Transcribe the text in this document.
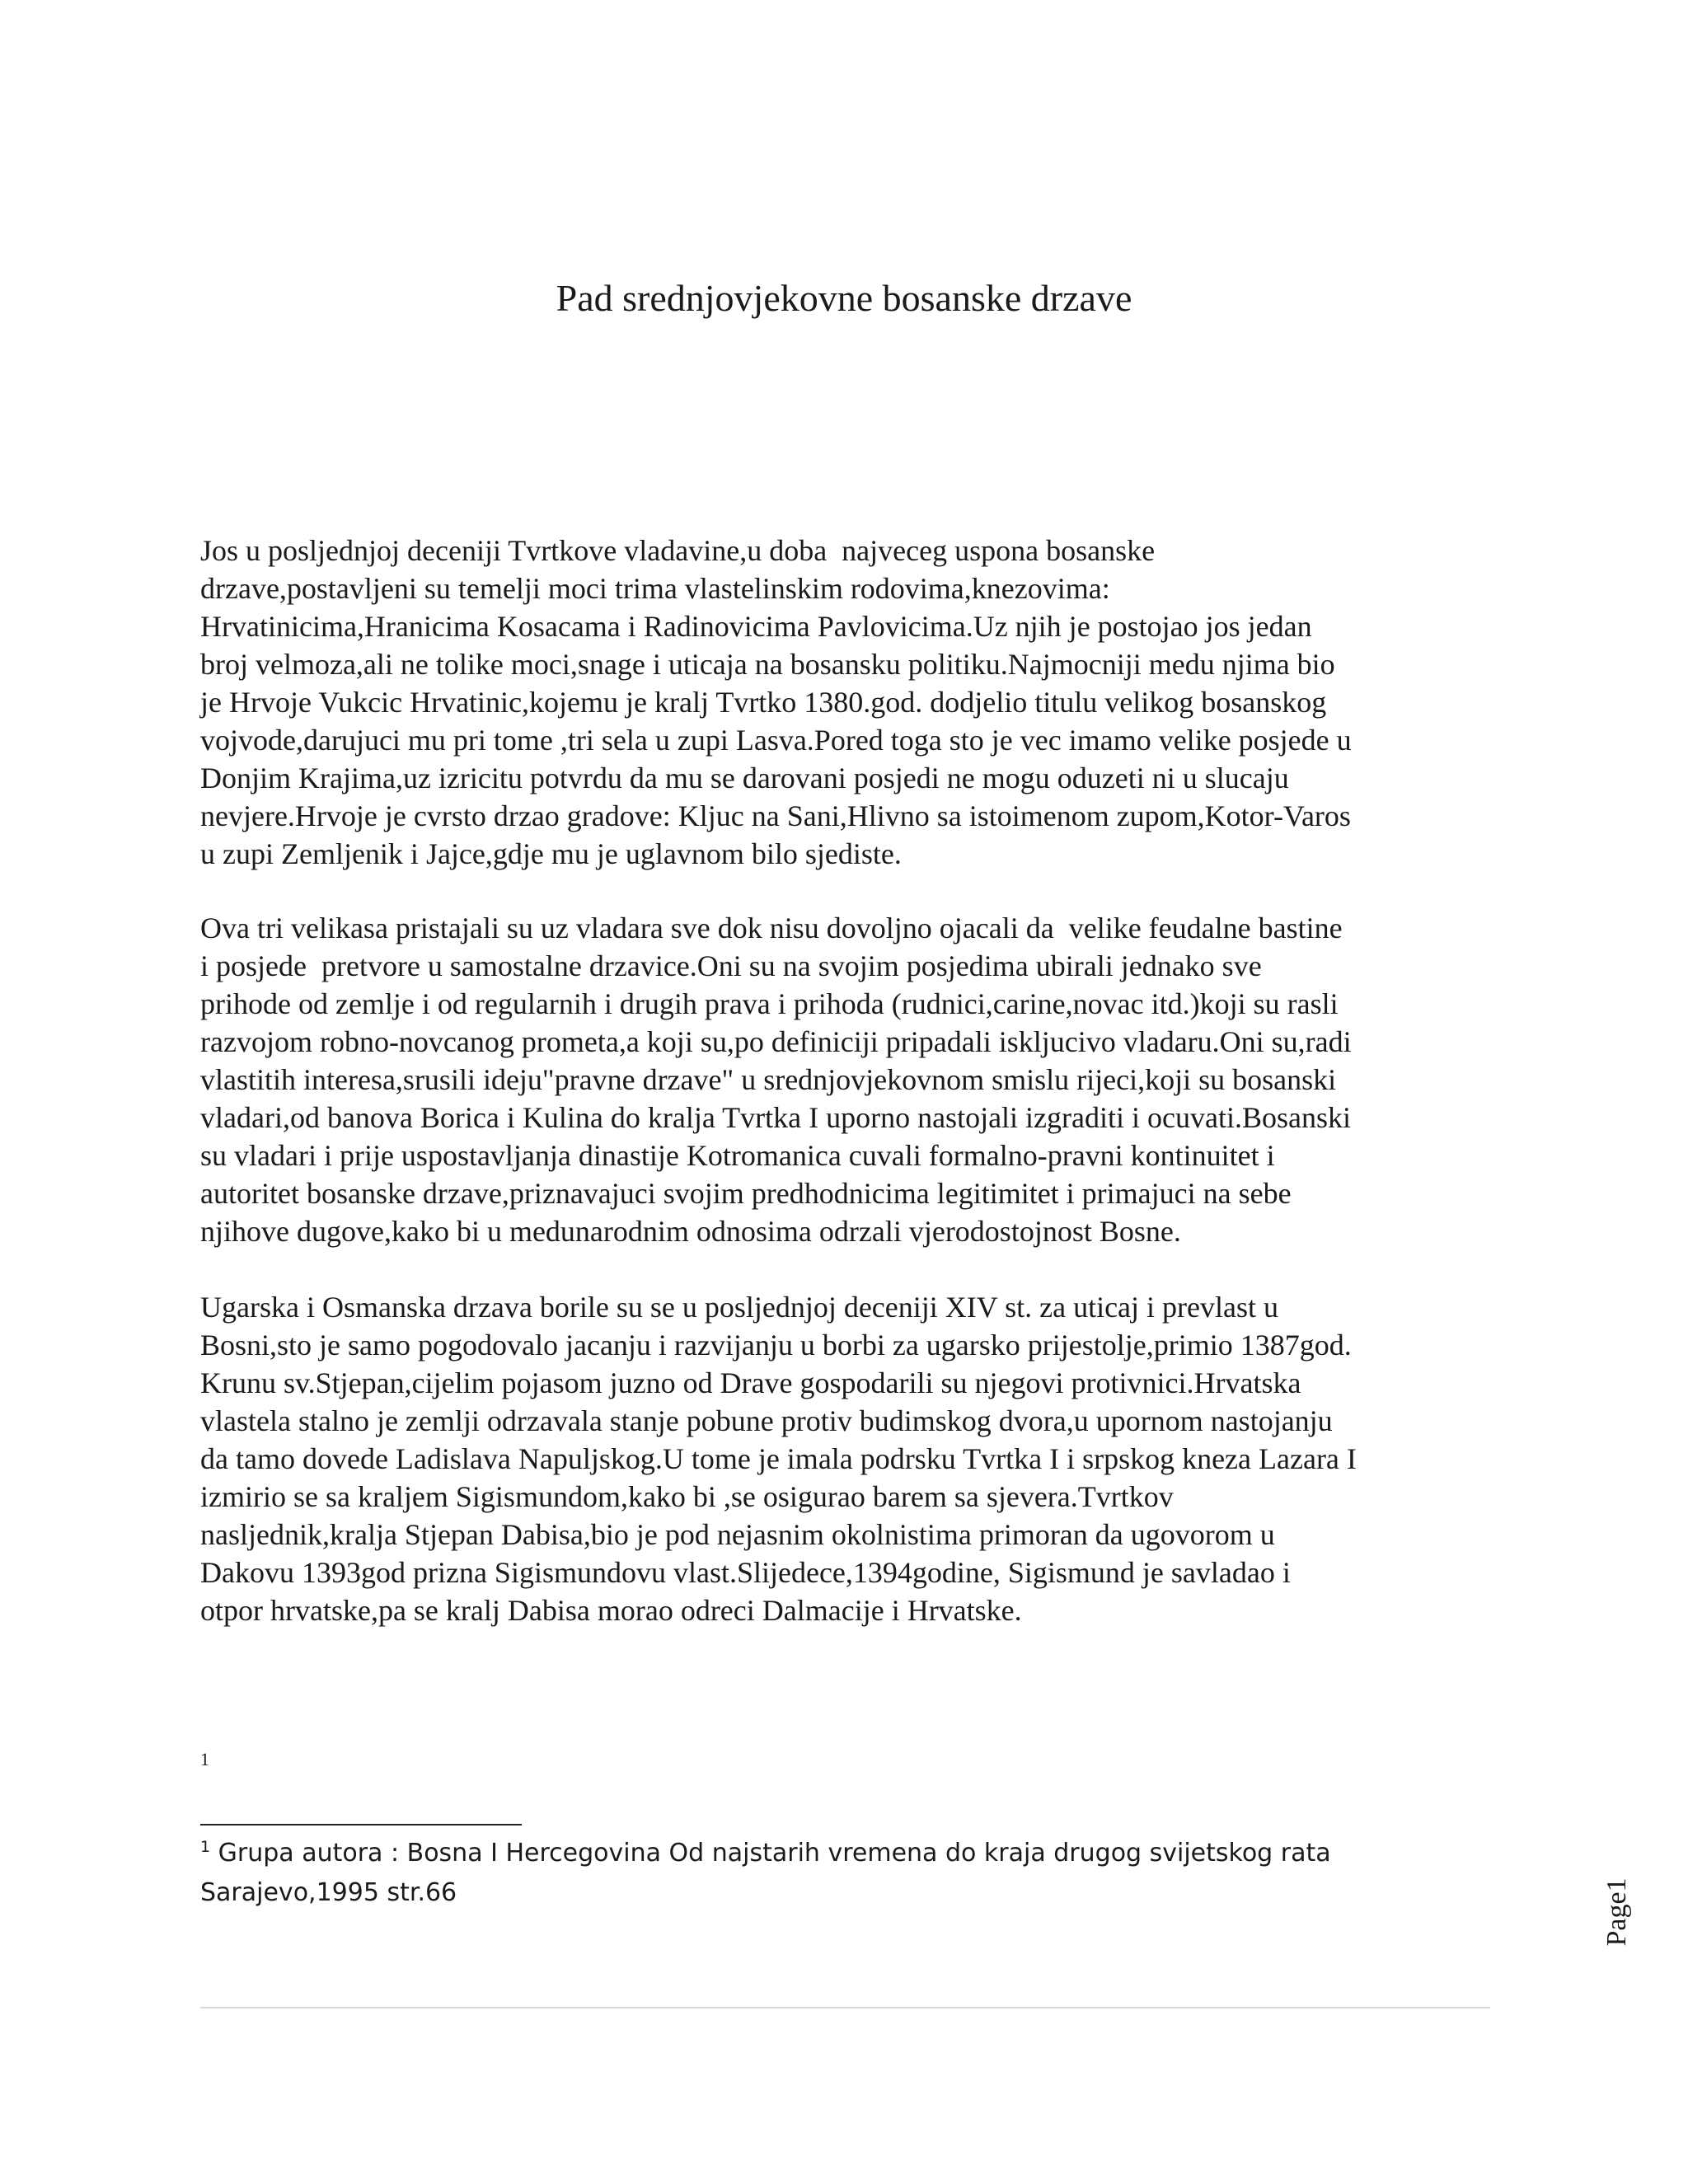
Pad srednjovjekovne bosanske drzave
Jos u posljednjoj deceniji Tvrtkove vladavine,u doba  najveceg uspona bosanske
drzave,postavljeni su temelji moci trima vlastelinskim rodovima,knezovima:
Hrvatinicima,Hranicima Kosacama i Radinovicima Pavlovicima.Uz njih je postojao jos jedan
broj velmoza,ali ne tolike moci,snage i uticaja na bosansku politiku.Najmocniji medu njima bio
je Hrvoje Vukcic Hrvatinic,kojemu je kralj Tvrtko 1380.god. dodjelio titulu velikog bosanskog
vojvode,darujuci mu pri tome ,tri sela u zupi Lasva.Pored toga sto je vec imamo velike posjede u
Donjim Krajima,uz izricitu potvrdu da mu se darovani posjedi ne mogu oduzeti ni u slucaju
nevjere.Hrvoje je cvrsto drzao gradove: Kljuc na Sani,Hlivno sa istoimenom zupom,Kotor-Varos
u zupi Zemljenik i Jajce,gdje mu je uglavnom bilo sjediste.
Ova tri velikasa pristajali su uz vladara sve dok nisu dovoljno ojacali da  velike feudalne bastine
i posjede  pretvore u samostalne drzavice.Oni su na svojim posjedima ubirali jednako sve
prihode od zemlje i od regularnih i drugih prava i prihoda (rudnici,carine,novac itd.)koji su rasli
razvojom robno-novcanog prometa,a koji su,po definiciji pripadali iskljucivo vladaru.Oni su,radi
vlastitih interesa,srusili ideju"pravne drzave" u srednjovjekovnom smislu rijeci,koji su bosanski
vladari,od banova Borica i Kulina do kralja Tvrtka I uporno nastojali izgraditi i ocuvati.Bosanski
su vladari i prije uspostavljanja dinastije Kotromanica cuvali formalno-pravni kontinuitet i
autoritet bosanske drzave,priznavajuci svojim predhodnicima legitimitet i primajuci na sebe
njihove dugove,kako bi u medunarodnim odnosima odrzali vjerodostojnost Bosne.
Ugarska i Osmanska drzava borile su se u posljednjoj deceniji XIV st. za uticaj i prevlast u
Bosni,sto je samo pogodovalo jacanju i razvijanju u borbi za ugarsko prijestolje,primio 1387god.
Krunu sv.Stjepan,cijelim pojasom juzno od Drave gospodarili su njegovi protivnici.Hrvatska
vlastela stalno je zemlji odrzavala stanje pobune protiv budimskog dvora,u upornom nastojanju
da tamo dovede Ladislava Napuljskog.U tome je imala podrsku Tvrtka I i srpskog kneza Lazara I
izmirio se sa kraljem Sigismundom,kako bi ,se osigurao barem sa sjevera.Tvrtkov
nasljednik,kralja Stjepan Dabisa,bio je pod nejasnim okolnistima primoran da ugovorom u
Dakovu 1393god prizna Sigismundovu vlast.Slijedece,1394godine, Sigismund je savladao i
otpor hrvatske,pa se kralj Dabisa morao odreci Dalmacije i Hrvatske.
1
$^1$ Grupa autora : Bosna I Hercegovina Od najstarih vremena do kraja drugog svijetskog rata
Sarajevo,1995 str.66	Page1
